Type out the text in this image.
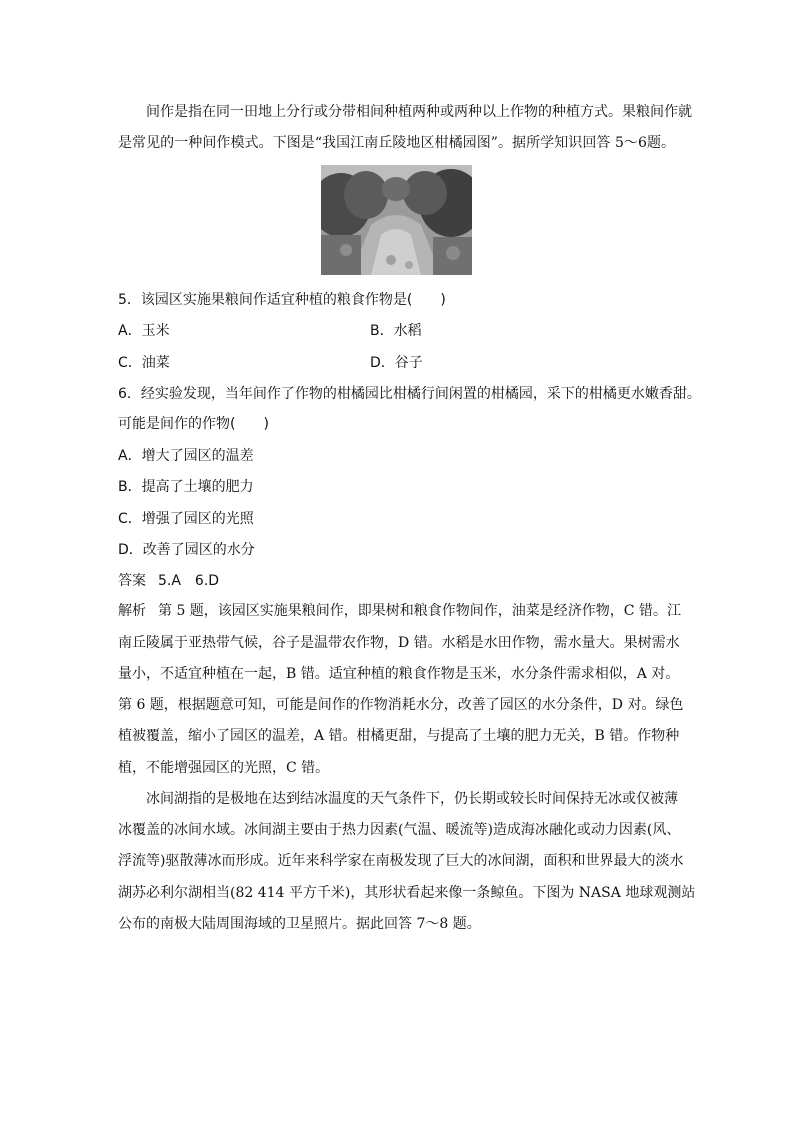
间作是指在同一田地上分行或分带相间种植两种或两种以上作物的种植方式。果粮间作就
是常见的一种间作模式。下图是“我国江南丘陵地区柑橘园图”。据所学知识回答 5～6题。
5．该园区实施果粮间作适宜种植的粮食作物是(　　)
A．玉米	B．水稻
C．油菜	D．谷子
6．经实验发现，当年间作了作物的柑橘园比柑橘行间闲置的柑橘园，采下的柑橘更水嫩香甜。
可能是间作的作物(　　)
A．增大了园区的温差
B．提高了土壤的肥力
C．增强了园区的光照
D．改善了园区的水分
答案 5.A　6.D
解析 第 5 题，该园区实施果粮间作，即果树和粮食作物间作，油菜是经济作物，C 错。江
南丘陵属于亚热带气候，谷子是温带农作物，D 错。水稻是水田作物，需水量大。果树需水
量小，不适宜种植在一起，B 错。适宜种植的粮食作物是玉米，水分条件需求相似，A 对。
第 6 题，根据题意可知，可能是间作的作物消耗水分，改善了园区的水分条件，D 对。绿色
植被覆盖，缩小了园区的温差，A 错。柑橘更甜，与提高了土壤的肥力无关，B 错。作物种
植，不能增强园区的光照，C 错。
冰间湖指的是极地在达到结冰温度的天气条件下，仍长期或较长时间保持无冰或仅被薄
冰覆盖的冰间水域。冰间湖主要由于热力因素(气温、暖流等)造成海冰融化或动力因素(风、
浮流等)驱散薄冰而形成。近年来科学家在南极发现了巨大的冰间湖，面积和世界最大的淡水
湖苏必利尔湖相当(82 414 平方千米)，其形状看起来像一条鲸鱼。下图为 NASA 地球观测站
公布的南极大陆周围海域的卫星照片。据此回答 7～8 题。
